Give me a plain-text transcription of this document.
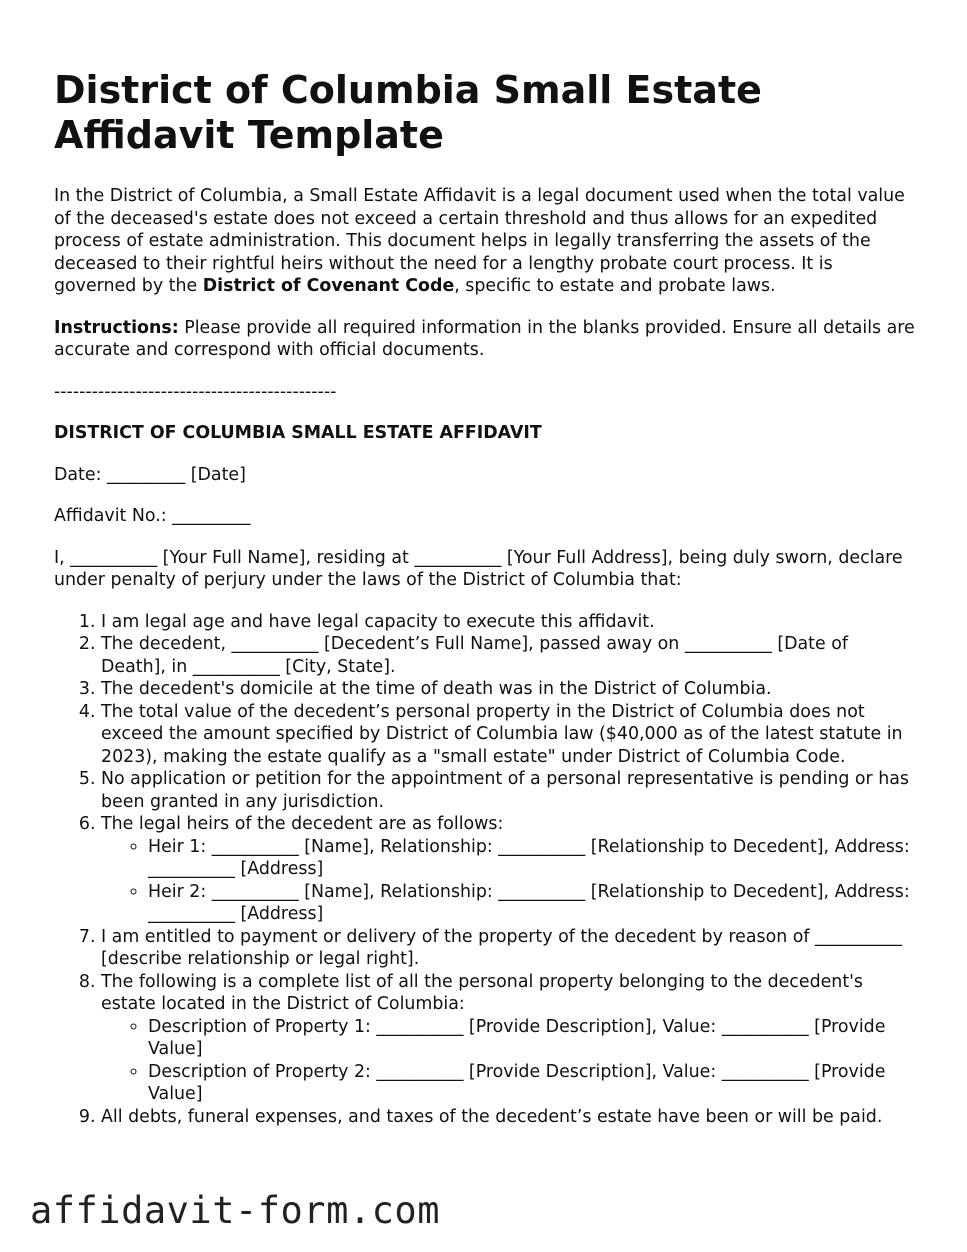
District of Columbia Small Estate Affidavit Template

In the District of Columbia, a Small Estate Affidavit is a legal document used when the total value of the deceased's estate does not exceed a certain threshold and thus allows for an expedited process of estate administration. This document helps in legally transferring the assets of the deceased to their rightful heirs without the need for a lengthy probate court process. It is governed by the District of Covenant Code, specific to estate and probate laws.

Instructions: Please provide all required information in the blanks provided. Ensure all details are accurate and correspond with official documents.

---------------------------------------------

DISTRICT OF COLUMBIA SMALL ESTATE AFFIDAVIT

Date: _________ [Date]

Affidavit No.: _________

I, __________ [Your Full Name], residing at __________ [Your Full Address], being duly sworn, declare under penalty of perjury under the laws of the District of Columbia that:

1. I am legal age and have legal capacity to execute this affidavit.
2. The decedent, __________ [Decedent’s Full Name], passed away on __________ [Date of Death], in __________ [City, State].
3. The decedent's domicile at the time of death was in the District of Columbia.
4. The total value of the decedent’s personal property in the District of Columbia does not exceed the amount specified by District of Columbia law ($40,000 as of the latest statute in 2023), making the estate qualify as a "small estate" under District of Columbia Code.
5. No application or petition for the appointment of a personal representative is pending or has been granted in any jurisdiction.
6. The legal heirs of the decedent are as follows:
◦ Heir 1: __________ [Name], Relationship: __________ [Relationship to Decedent], Address: __________ [Address]
◦ Heir 2: __________ [Name], Relationship: __________ [Relationship to Decedent], Address: __________ [Address]
7. I am entitled to payment or delivery of the property of the decedent by reason of __________ [describe relationship or legal right].
8. The following is a complete list of all the personal property belonging to the decedent's estate located in the District of Columbia:
◦ Description of Property 1: __________ [Provide Description], Value: __________ [Provide Value]
◦ Description of Property 2: __________ [Provide Description], Value: __________ [Provide Value]
9. All debts, funeral expenses, and taxes of the decedent’s estate have been or will be paid.
affidavit-form.com
